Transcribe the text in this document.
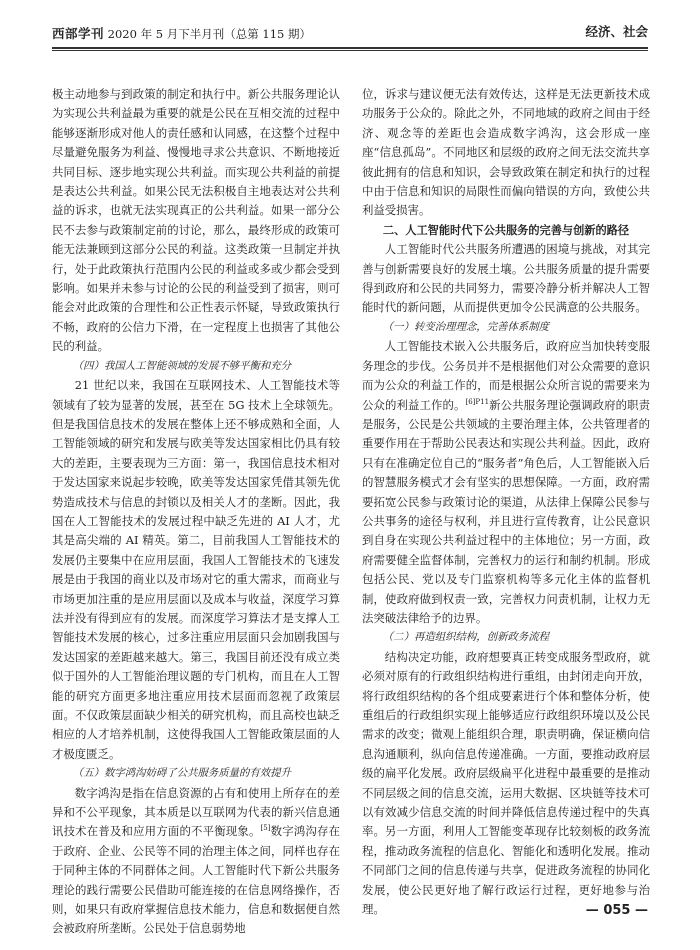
西部学刊 2020 年 5 月下半月刊（总第 115 期）	经济、社会

极主动地参与到政策的制定和执行中。新公共服务理论认为实现公共利益最为重要的就是公民在互相交流的过程中能够逐渐形成对他人的责任感和认同感，在这整个过程中尽量避免服务为利益、慢慢地寻求公共意识、不断地接近共同目标、逐步地实现公共利益。而实现公共利益的前提是表达公共利益。如果公民无法积极自主地表达对公共利益的诉求，也就无法实现真正的公共利益。如果一部分公民不去参与政策制定前的讨论，那么，最终形成的政策可能无法兼顾到这部分公民的利益。这类政策一旦制定并执行，处于此政策执行范围内公民的利益或多或少都会受到影响。如果并未参与讨论的公民的利益受到了损害，则可能会对此政策的合理性和公正性表示怀疑，导致政策执行不畅，政府的公信力下滑，在一定程度上也损害了其他公民的利益。

（四）我国人工智能领域的发展不够平衡和充分

21 世纪以来，我国在互联网技术、人工智能技术等领域有了较为显著的发展，甚至在 5G 技术上全球领先。但是我国信息技术的发展在整体上还不够成熟和全面，人工智能领域的研究和发展与欧美等发达国家相比仍具有较大的差距，主要表现为三方面：第一，我国信息技术相对于发达国家来说起步较晚，欧美等发达国家凭借其领先优势造成技术与信息的封锁以及相关人才的垄断。因此，我国在人工智能技术的发展过程中缺乏先进的 AI 人才，尤其是高尖端的 AI 精英。第二，目前我国人工智能技术的发展仍主要集中在应用层面，我国人工智能技术的飞速发展是由于我国的商业以及市场对它的重大需求，而商业与市场更加注重的是应用层面以及成本与收益，深度学习算法并没有得到应有的发展。而深度学习算法才是支撑人工智能技术发展的核心，过多注重应用层面只会加剧我国与发达国家的差距越来越大。第三，我国目前还没有成立类似于国外的人工智能治理议题的专门机构，而且在人工智能的研究方面更多地注重应用技术层面而忽视了政策层面。不仅政策层面缺少相关的研究机构，而且高校也缺乏相应的人才培养机制，这使得我国人工智能政策层面的人才极度匮乏。

（五）数字鸿沟妨碍了公共服务质量的有效提升

数字鸿沟是指在信息资源的占有和使用上所存在的差异和不公平现象，其本质是以互联网为代表的新兴信息通讯技术在普及和应用方面的不平衡现象。[5]数字鸿沟存在于政府、企业、公民等不同的治理主体之间，同样也存在于同种主体的不同群体之间。人工智能时代下新公共服务理论的践行需要公民借助可能连接的在信息网络操作，否则，如果只有政府掌握信息技术能力，信息和数据便自然会被政府所垄断。公民处于信息弱势地

位，诉求与建议便无法有效传达，这样是无法更新技术成功服务于公众的。除此之外，不同地域的政府之间由于经济、观念等的差距也会造成数字鸿沟，这会形成一座座“信息孤岛”。不同地区和层级的政府之间无法交流共享彼此拥有的信息和知识，会导致政策在制定和执行的过程中由于信息和知识的局限性而偏向错误的方向，致使公共利益受损害。

二、人工智能时代下公共服务的完善与创新的路径

人工智能时代公共服务所遭遇的困境与挑战，对其完善与创新需要良好的发展土壤。公共服务质量的提升需要得到政府和公民的共同努力，需要冷静分析并解决人工智能时代的新问题，从而提供更加令公民满意的公共服务。

（一）转变治理理念，完善体系制度

人工智能技术嵌入公共服务后，政府应当加快转变服务理念的步伐。公务员并不是根据他们对公众需要的意识而为公众的利益工作的，而是根据公众所言说的需要来为公众的利益工作的。$^{[6]P11}$新公共服务理论强调政府的职责是服务，公民是公共领域的主要治理主体，公共管理者的重要作用在于帮助公民表达和实现公共利益。因此，政府只有在准确定位自己的“服务者”角色后，人工智能嵌入后的智慧服务模式才会有坚实的思想保障。一方面，政府需要拓宽公民参与政策讨论的渠道，从法律上保障公民参与公共事务的途径与权利，并且进行宣传教育，让公民意识到自身在实现公共利益过程中的主体地位；另一方面，政府需要健全监督体制，完善权力的运行和制约机制。形成包括公民、党以及专门监察机构等多元化主体的监督机制，使政府做到权责一致，完善权力问责机制，让权力无法突破法律给予的边界。

（二）再造组织结构，创新政务流程

结构决定功能，政府想要真正转变成服务型政府，就必须对原有的行政组织结构进行重组，由封闭走向开放，将行政组织结构的各个组成要素进行个体和整体分析，使重组后的行政组织实现上能够适应行政组织环境以及公民需求的改变；微观上能组织合理，职责明确，保证横向信息沟通顺利，纵向信息传递准确。一方面，要推动政府层级的扁平化发展。政府层级扁平化进程中最重要的是推动不同层级之间的信息交流，运用大数据、区块链等技术可以有效减少信息交流的时间并降低信息传递过程中的失真率。另一方面，利用人工智能变革现存比较刻板的政务流程，推动政务流程的信息化、智能化和透明化发展。推动不同部门之间的信息传递与共享，促进政务流程的协同化发展，使公民更好地了解行政运行过程，更好地参与治理。	— 055 —
